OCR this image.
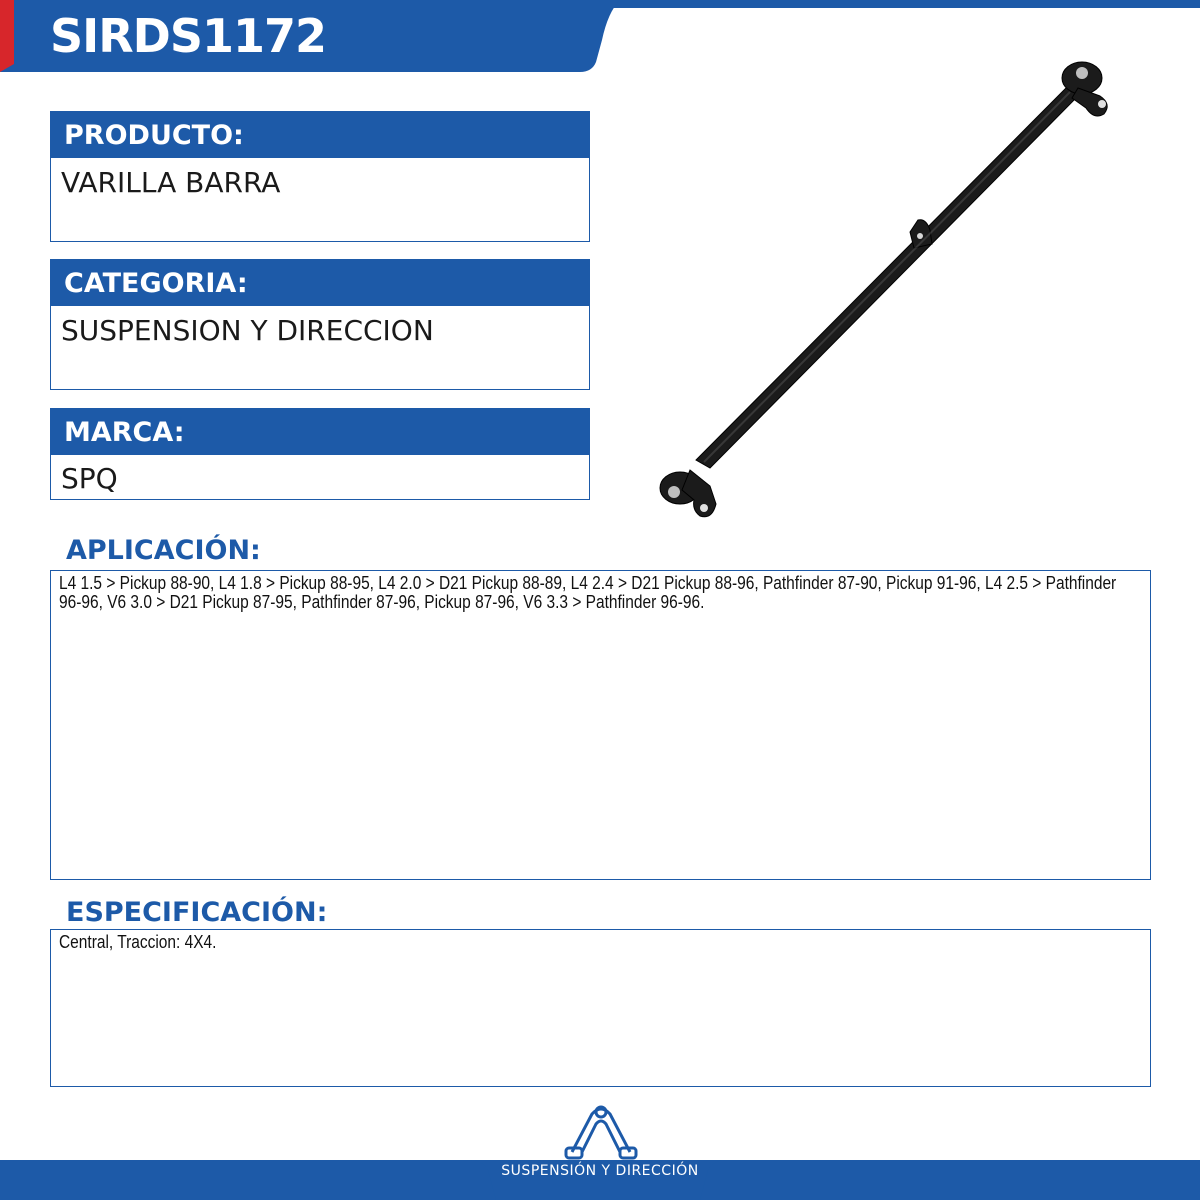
SIRDS1172
PRODUCTO:
VARILLA BARRA
CATEGORIA:
SUSPENSION Y DIRECCION
MARCA:
SPQ
APLICACIÓN:
L4 1.5 > Pickup 88-90, L4 1.8 > Pickup 88-95, L4 2.0 > D21 Pickup 88-89, L4 2.4 > D21 Pickup 88-96, Pathfinder 87-90, Pickup 91-96, L4 2.5 > Pathfinder 96-96, V6 3.0 > D21 Pickup 87-95, Pathfinder 87-96, Pickup 87-96, V6 3.3 > Pathfinder 96-96.
ESPECIFICACIÓN:
Central, Traccion: 4X4.
SUSPENSIÓN Y DIRECCIÓN
